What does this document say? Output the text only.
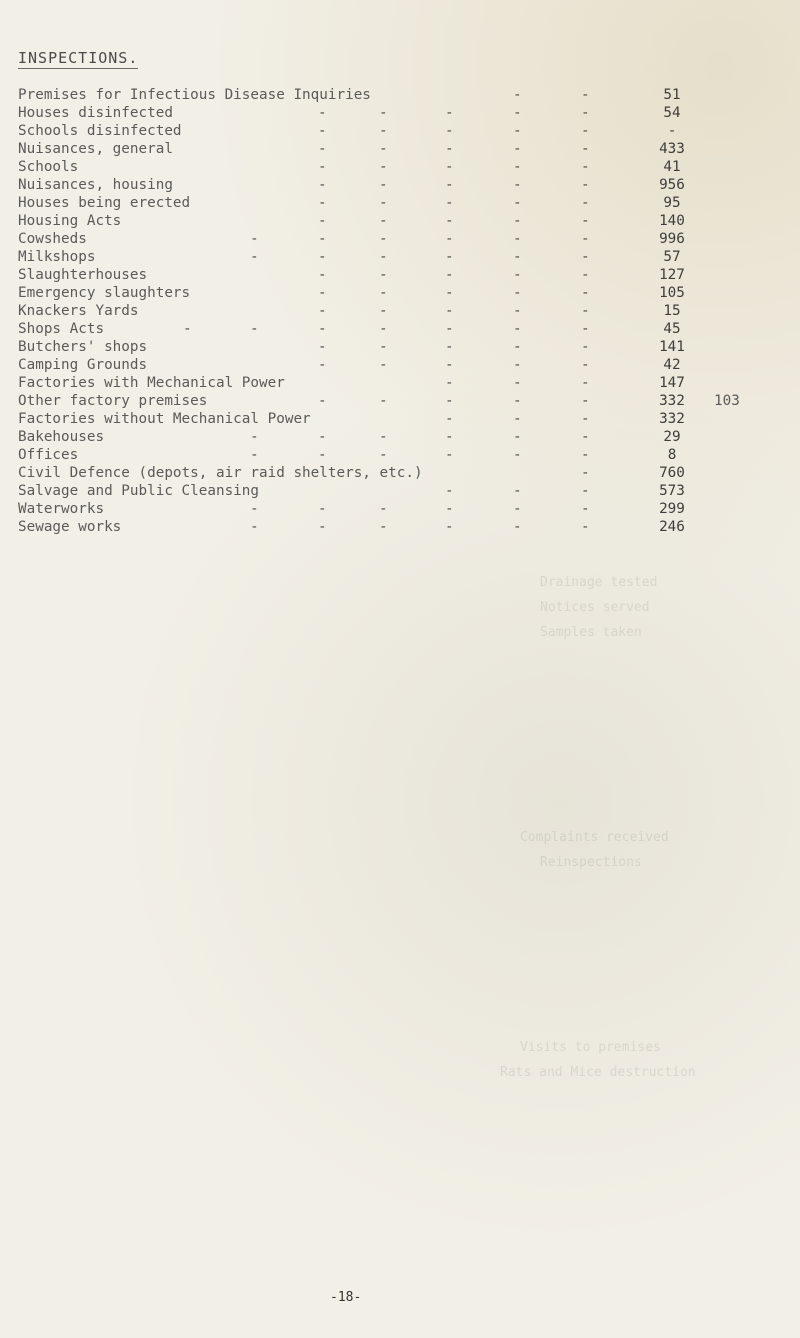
Drainage tested
Notices served
Samples taken
Complaints received
Reinspections
Visits to premises
Rats and Mice destruction
INSPECTIONS.
Premises for Infectious Disease Inquiries	-	-	51
Houses disinfected	-	-	-	-	-	54
Schools disinfected	-	-	-	-	-	-
Nuisances, general	-	-	-	-	-	433
Schools	-	-	-	-	-	41
Nuisances, housing	-	-	-	-	-	956
Houses being erected	-	-	-	-	-	95
Housing Acts	-	-	-	-	-	140
Cowsheds	-	-	-	-	-	-	996
Milkshops	-	-	-	-	-	-	57
Slaughterhouses	-	-	-	-	-	127
Emergency slaughters	-	-	-	-	-	105
Knackers Yards	-	-	-	-	-	15
Shops Acts	-	-	-	-	-	-	-	45
Butchers' shops	-	-	-	-	-	141
Camping Grounds	-	-	-	-	-	42
Factories with Mechanical Power	-	-	-	147
Other factory premises	-	-	-	-	-	332	103
Factories without Mechanical Power	-	-	-	332
Bakehouses	-	-	-	-	-	-	29
Offices	-	-	-	-	-	-	8
Civil Defence (depots, air raid shelters, etc.)	-	760
Salvage and Public Cleansing	-	-	-	573
Waterworks	-	-	-	-	-	-	299
Sewage works	-	-	-	-	-	-	246
-18-
